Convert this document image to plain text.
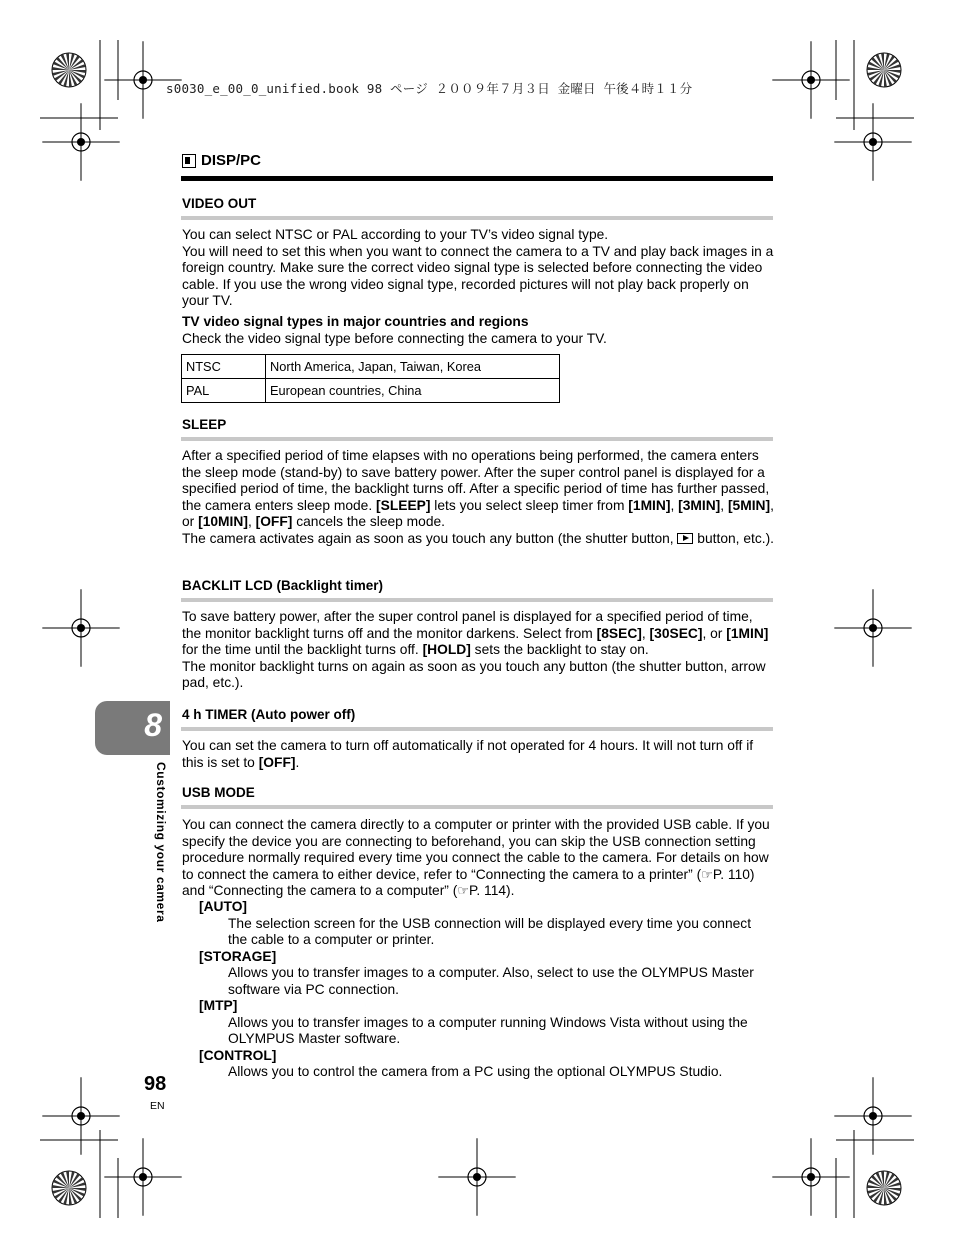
s0030_e_00_0_unified.book 98 ページ ２００９年７月３日 金曜日 午後４時１１分
DISP/PC
VIDEO OUT

You can select NTSC or PAL according to your TV’s video signal type.

You will need to set this when you want to connect the camera to a TV and play back images in a foreign country. Make sure the correct video signal type is selected before connecting the video cable. If you use the wrong video signal type, recorded pictures will not play back properly on your TV.

TV video signal types in major countries and regions

Check the video signal type before connecting the camera to your TV.

NTSC	North America, Japan, Taiwan, Korea
PAL	European countries, China
SLEEP

After a specified period of time elapses with no operations being performed, the camera enters the sleep mode (stand-by) to save battery power. After the super control panel is displayed for a specified period of time, the backlight turns off. After a specific period of time has further passed, the camera enters sleep mode. [SLEEP] lets you select sleep timer from [1MIN], [3MIN], [5MIN], or [10MIN], [OFF] cancels the sleep mode.

The camera activates again as soon as you touch any button (the shutter button,  button, etc.).

BACKLIT LCD (Backlight timer)

To save battery power, after the super control panel is displayed for a specified period of time, the monitor backlight turns off and the monitor darkens. Select from [8SEC], [30SEC], or [1MIN] for the time until the backlight turns off. [HOLD] sets the backlight to stay on.

The monitor backlight turns on again as soon as you touch any button (the shutter button, arrow pad, etc.).

4 h TIMER (Auto power off)

You can set the camera to turn off automatically if not operated for 4 hours. It will not turn off if this is set to [OFF].

USB MODE

You can connect the camera directly to a computer or printer with the provided USB cable. If you specify the device you are connecting to beforehand, you can skip the USB connection setting procedure normally required every time you connect the cable to the camera. For details on how to connect the camera to either device, refer to “Connecting the camera to a printer” (☞P. 110) and “Connecting the camera to a computer” (☞P. 114).

[AUTO]
The selection screen for the USB connection will be displayed every time you connect the cable to a computer or printer.
[STORAGE]
Allows you to transfer images to a computer. Also, select to use the OLYMPUS Master software via PC connection.
[MTP]
Allows you to transfer images to a computer running Windows Vista without using the OLYMPUS Master software.
[CONTROL]
Allows you to control the camera from a PC using the optional OLYMPUS Studio.
8
Customizing your camera
98
EN
